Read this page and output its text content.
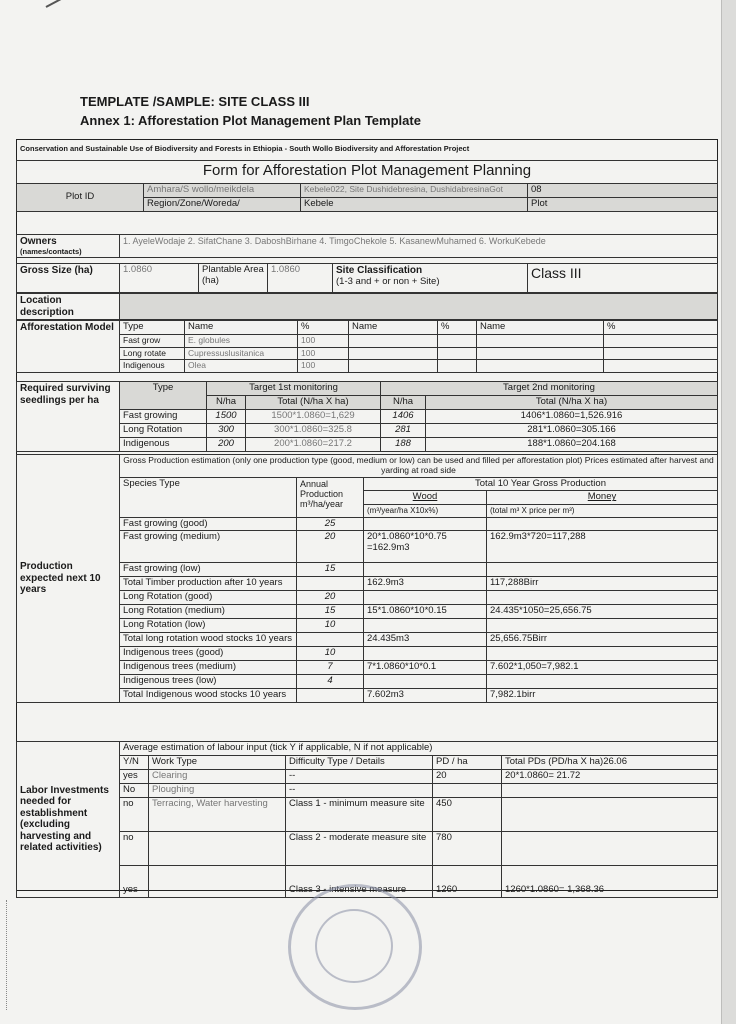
TEMPLATE /SAMPLE: SITE CLASS III
Annex 1: Afforestation Plot Management Plan Template
Conservation and Sustainable Use of Biodiversity and Forests in Ethiopia - South Wollo Biodiversity and Afforestation Project
Form for Afforestation Plot Management Planning			
Plot ID	Amhara/S wollo/meikdela	Kebele022, Site Dushidebresina, DushidabresinaGot	08
	Region/Zone/Woreda/	Kebele	Plot
Owners
(names/contacts)
	1. AyeleWodaje 2. SifatChane 3. DaboshBirhane 4. TimgoChekole 5. KasanewMuhamed 6. WorkuKebede
Gross Size (ha)	1.0860	Plantable Area (ha)	1.0860	Site Classification
(1-3 and + or non + Site)	Class III
Location description	
Afforestation Model	Type	Name	%	Name	%	Name	%
	Fast grow	E. globules	100				
	Long rotate	Cupressuslusitanica	100				
	Indigenous	Olea	100				
Required surviving seedlings per ha	Type	Target 1st monitoring		Target 2nd monitoring	
		N/ha	Total (N/ha X ha)	N/ha	Total (N/ha X ha)
	Fast growing	1500	1500*1.0860=1,629	1406	1406*1.0860=1,526.916
	Long Rotation	300	300*1.0860=325.8	281	281*1.0860=305.166
	Indigenous	200	200*1.0860=217.2	188	188*1.0860=204.168
Production expected next 10 years	Gross Production estimation (only one production type (good, medium or low) can be used and filled per afforestation plot) Prices estimated after harvest and yarding at road side			
	Species Type	Annual Production m³/ha/year	Total 10 Year Gross Production	
			Wood	Money
			(m³/year/ha X10x%)	(total m³ X price per m³)
	Fast growing (good)	25		
	Fast growing (medium)	20	20*1.0860*10*0.75 =162.9m3	162.9m3*720=117,288
	Fast growing (low)	15		
	Total Timber production after 10 years		162.9m3	117,288Birr
	Long Rotation (good)	20		
	Long Rotation (medium)	15	15*1.0860*10*0.15	24.435*1050=25,656.75
	Long Rotation (low)	10		
	Total long rotation wood stocks 10 years		24.435m3	25,656.75Birr
	Indigenous trees (good)	10		
	Indigenous trees (medium)	7	7*1.0860*10*0.1	7.602*1,050=7,982.1
	Indigenous trees (low)	4		
	Total Indigenous wood stocks 10 years		7.602m3	7,982.1birr
Labor Investments needed for establishment (excluding harvesting and related activities)	Average estimation of labour input (tick Y if applicable, N if not applicable)				
	Y/N	Work Type	Difficulty Type / Details	PD / ha	Total PDs (PD/ha X ha)26.06
	yes	Clearing	--	20	20*1.0860= 21.72
	No	Ploughing	--		
	no	Terracing, Water harvesting	Class 1 - minimum measure site	450	
	no		Class 2 - moderate measure site	780	
	yes		Class 3 - intensive measure	1260	1260*1.0860= 1,368.36
